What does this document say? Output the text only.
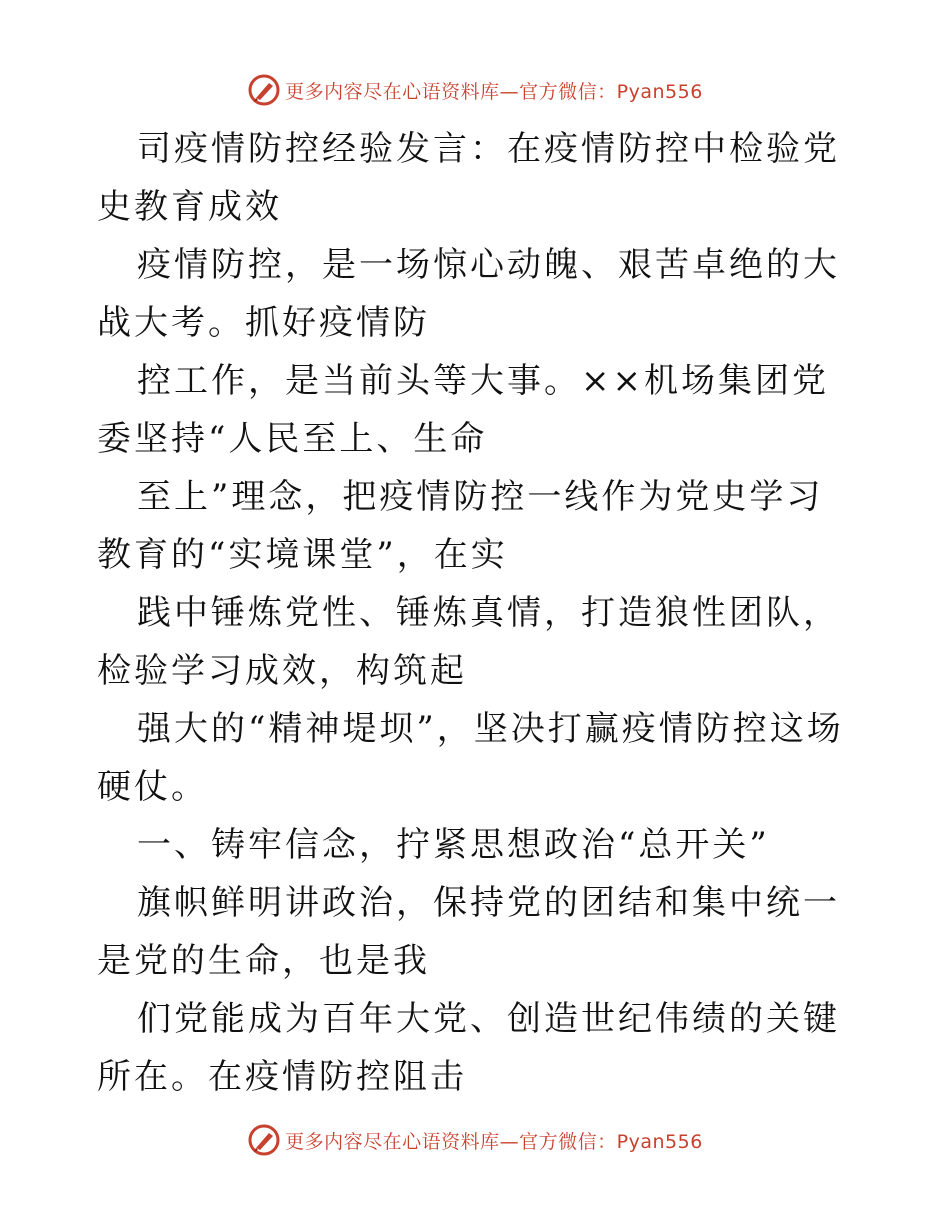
更多内容尽在心语资料库—官方微信：Pyan556

司疫情防控经验发言：在疫情防控中检验党史教育成效

疫情防控，是一场惊心动魄、艰苦卓绝的大战大考。抓好疫情防

控工作，是当前头等大事。××机场集团党委坚持“人民至上、生命

至上”理念，把疫情防控一线作为党史学习教育的“实境课堂”，在实

践中锤炼党性、锤炼真情，打造狼性团队，检验学习成效，构筑起

强大的“精神堤坝”，坚决打赢疫情防控这场硬仗。

一、铸牢信念，拧紧思想政治“总开关”

旗帜鲜明讲政治，保持党的团结和集中统一是党的生命，也是我

们党能成为百年大党、创造世纪伟绩的关键所在。在疫情防控阻击

更多内容尽在心语资料库—官方微信：Pyan556
